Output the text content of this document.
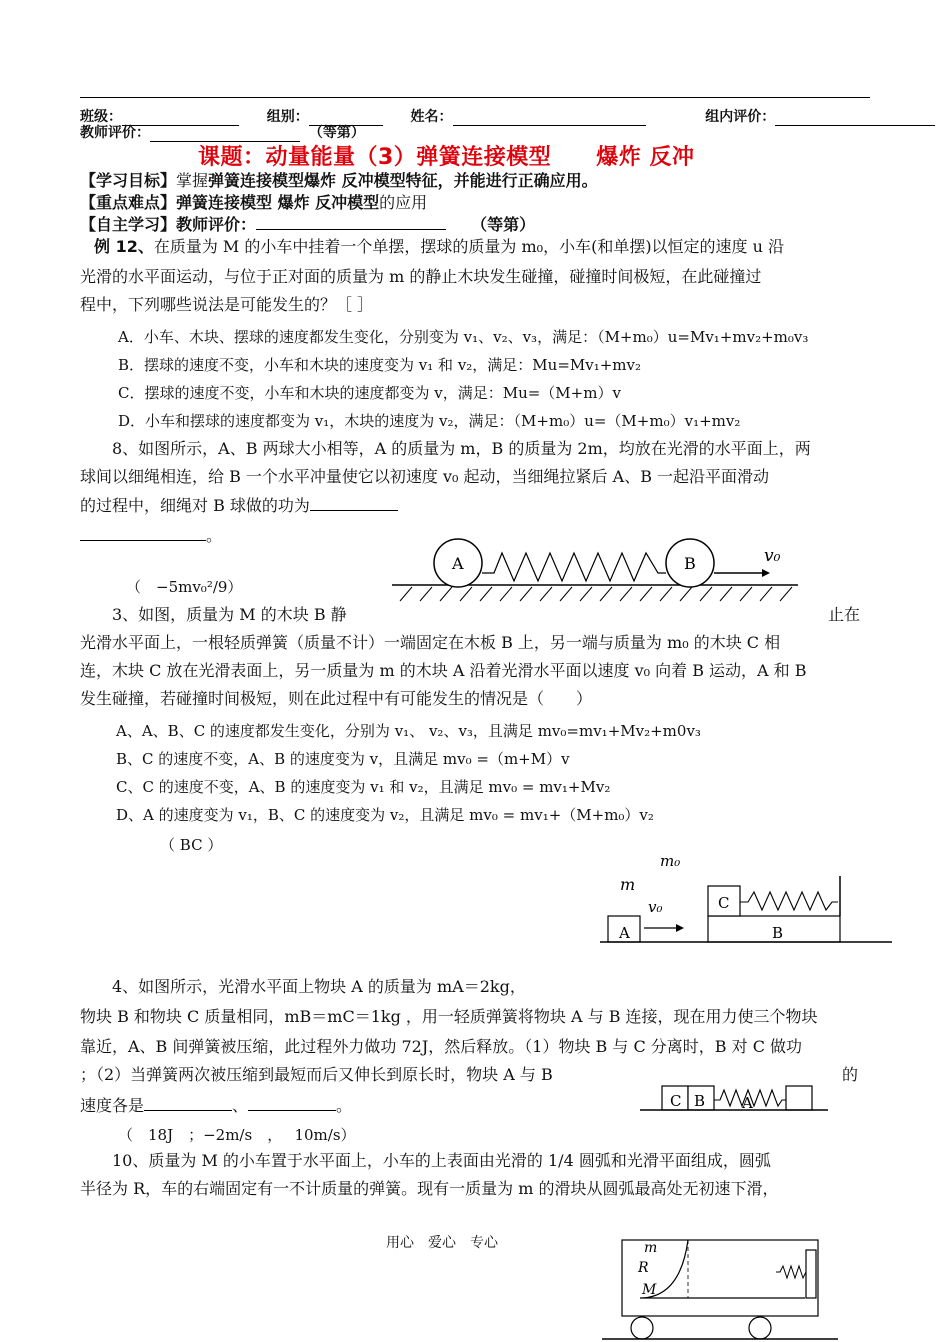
班级：	组别：	姓名：	组内评价：
教师评价：	（等第）
课题：动量能量（3）弹簧连接模型　　爆炸 反冲
【学习目标】掌握弹簧连接模型爆炸 反冲模型特征，并能进行正确应用。
【重点难点】弹簧连接模型 爆炸 反冲模型的应用
【自主学习】教师评价：	（等第）
例 12、在质量为 M 的小车中挂着一个单摆，摆球的质量为 m₀，小车(和单摆)以恒定的速度 u 沿
光滑的水平面运动，与位于正对面的质量为 m 的静止木块发生碰撞，碰撞时间极短，在此碰撞过
程中，下列哪些说法是可能发生的？［ ］
A．小车、木块、摆球的速度都发生变化，分别变为 v₁、v₂、v₃，满足：（M+m₀）u=Mv₁+mv₂+m₀v₃
B．摆球的速度不变，小车和木块的速度变为 v₁ 和 v₂，满足：Mu=Mv₁+mv₂
C．摆球的速度不变，小车和木块的速度都变为 v，满足：Mu=（M+m）v
D．小车和摆球的速度都变为 v₁，木块的速度为 v₂，满足：（M+m₀）u=（M+m₀）v₁+mv₂
8、如图所示，A、B 两球大小相等，A 的质量为 m，B 的质量为 2m，均放在光滑的水平面上，两
球间以细绳相连，给 B 一个水平冲量使它以初速度 v₀ 起动，当细绳拉紧后 A、B 一起沿平面滑动
的过程中，细绳对 B 球做的功为
。
（　−5mv₀²/9）
A	B	v₀
3、如图，质量为 M 的木块 B 静	止在
光滑水平面上，一根轻质弹簧（质量不计）一端固定在木板 B 上，另一端与质量为 m₀ 的木块 C 相
连，木块 C 放在光滑表面上，另一质量为 m 的木块 A 沿着光滑水平面以速度 v₀ 向着 B 运动，A 和 B
发生碰撞，若碰撞时间极短，则在此过程中有可能发生的情况是（　　）
A、A、B、C 的速度都发生变化，分别为 v₁、 v₂、v₃，且满足 mv₀=mv₁+Mv₂+m0v₃
B、C 的速度不变，A、B 的速度变为 v，且满足 mv₀ =（m+M）v
C、C 的速度不变，A、B 的速度变为 v₁ 和 v₂，且满足 mv₀ = mv₁+Mv₂
D、A 的速度变为 v₁，B、C 的速度变为 v₂，且满足 mv₀ = mv₁+（M+m₀）v₂
（ BC ）
m₀
m
v₀
A	B
C
4、如图所示，光滑水平面上物块 A 的质量为 mA＝2kg，
物块 B 和物块 C 质量相同，mB＝mC＝1kg ，用一轻质弹簧将物块 A 与 B 连接，现在用力使三个物块
靠近，A、B 间弹簧被压缩，此过程外力做功 72J，然后释放。（1）物块 B 与 C 分离时，B 对 C 做功
；（2）当弹簧两次被压缩到最短而后又伸长到原长时，物块 A 与 B	的
速度各是	、	。
（　18J　；−2m/s　，　 10m/s）
C B A
10、质量为 M 的小车置于水平面上，小车的上表面由光滑的 1/4 圆弧和光滑平面组成，圆弧
半径为 R，车的右端固定有一不计质量的弹簧。现有一质量为 m 的滑块从圆弧最高处无初速下滑，
m
R
M
用心　爱心　专心
